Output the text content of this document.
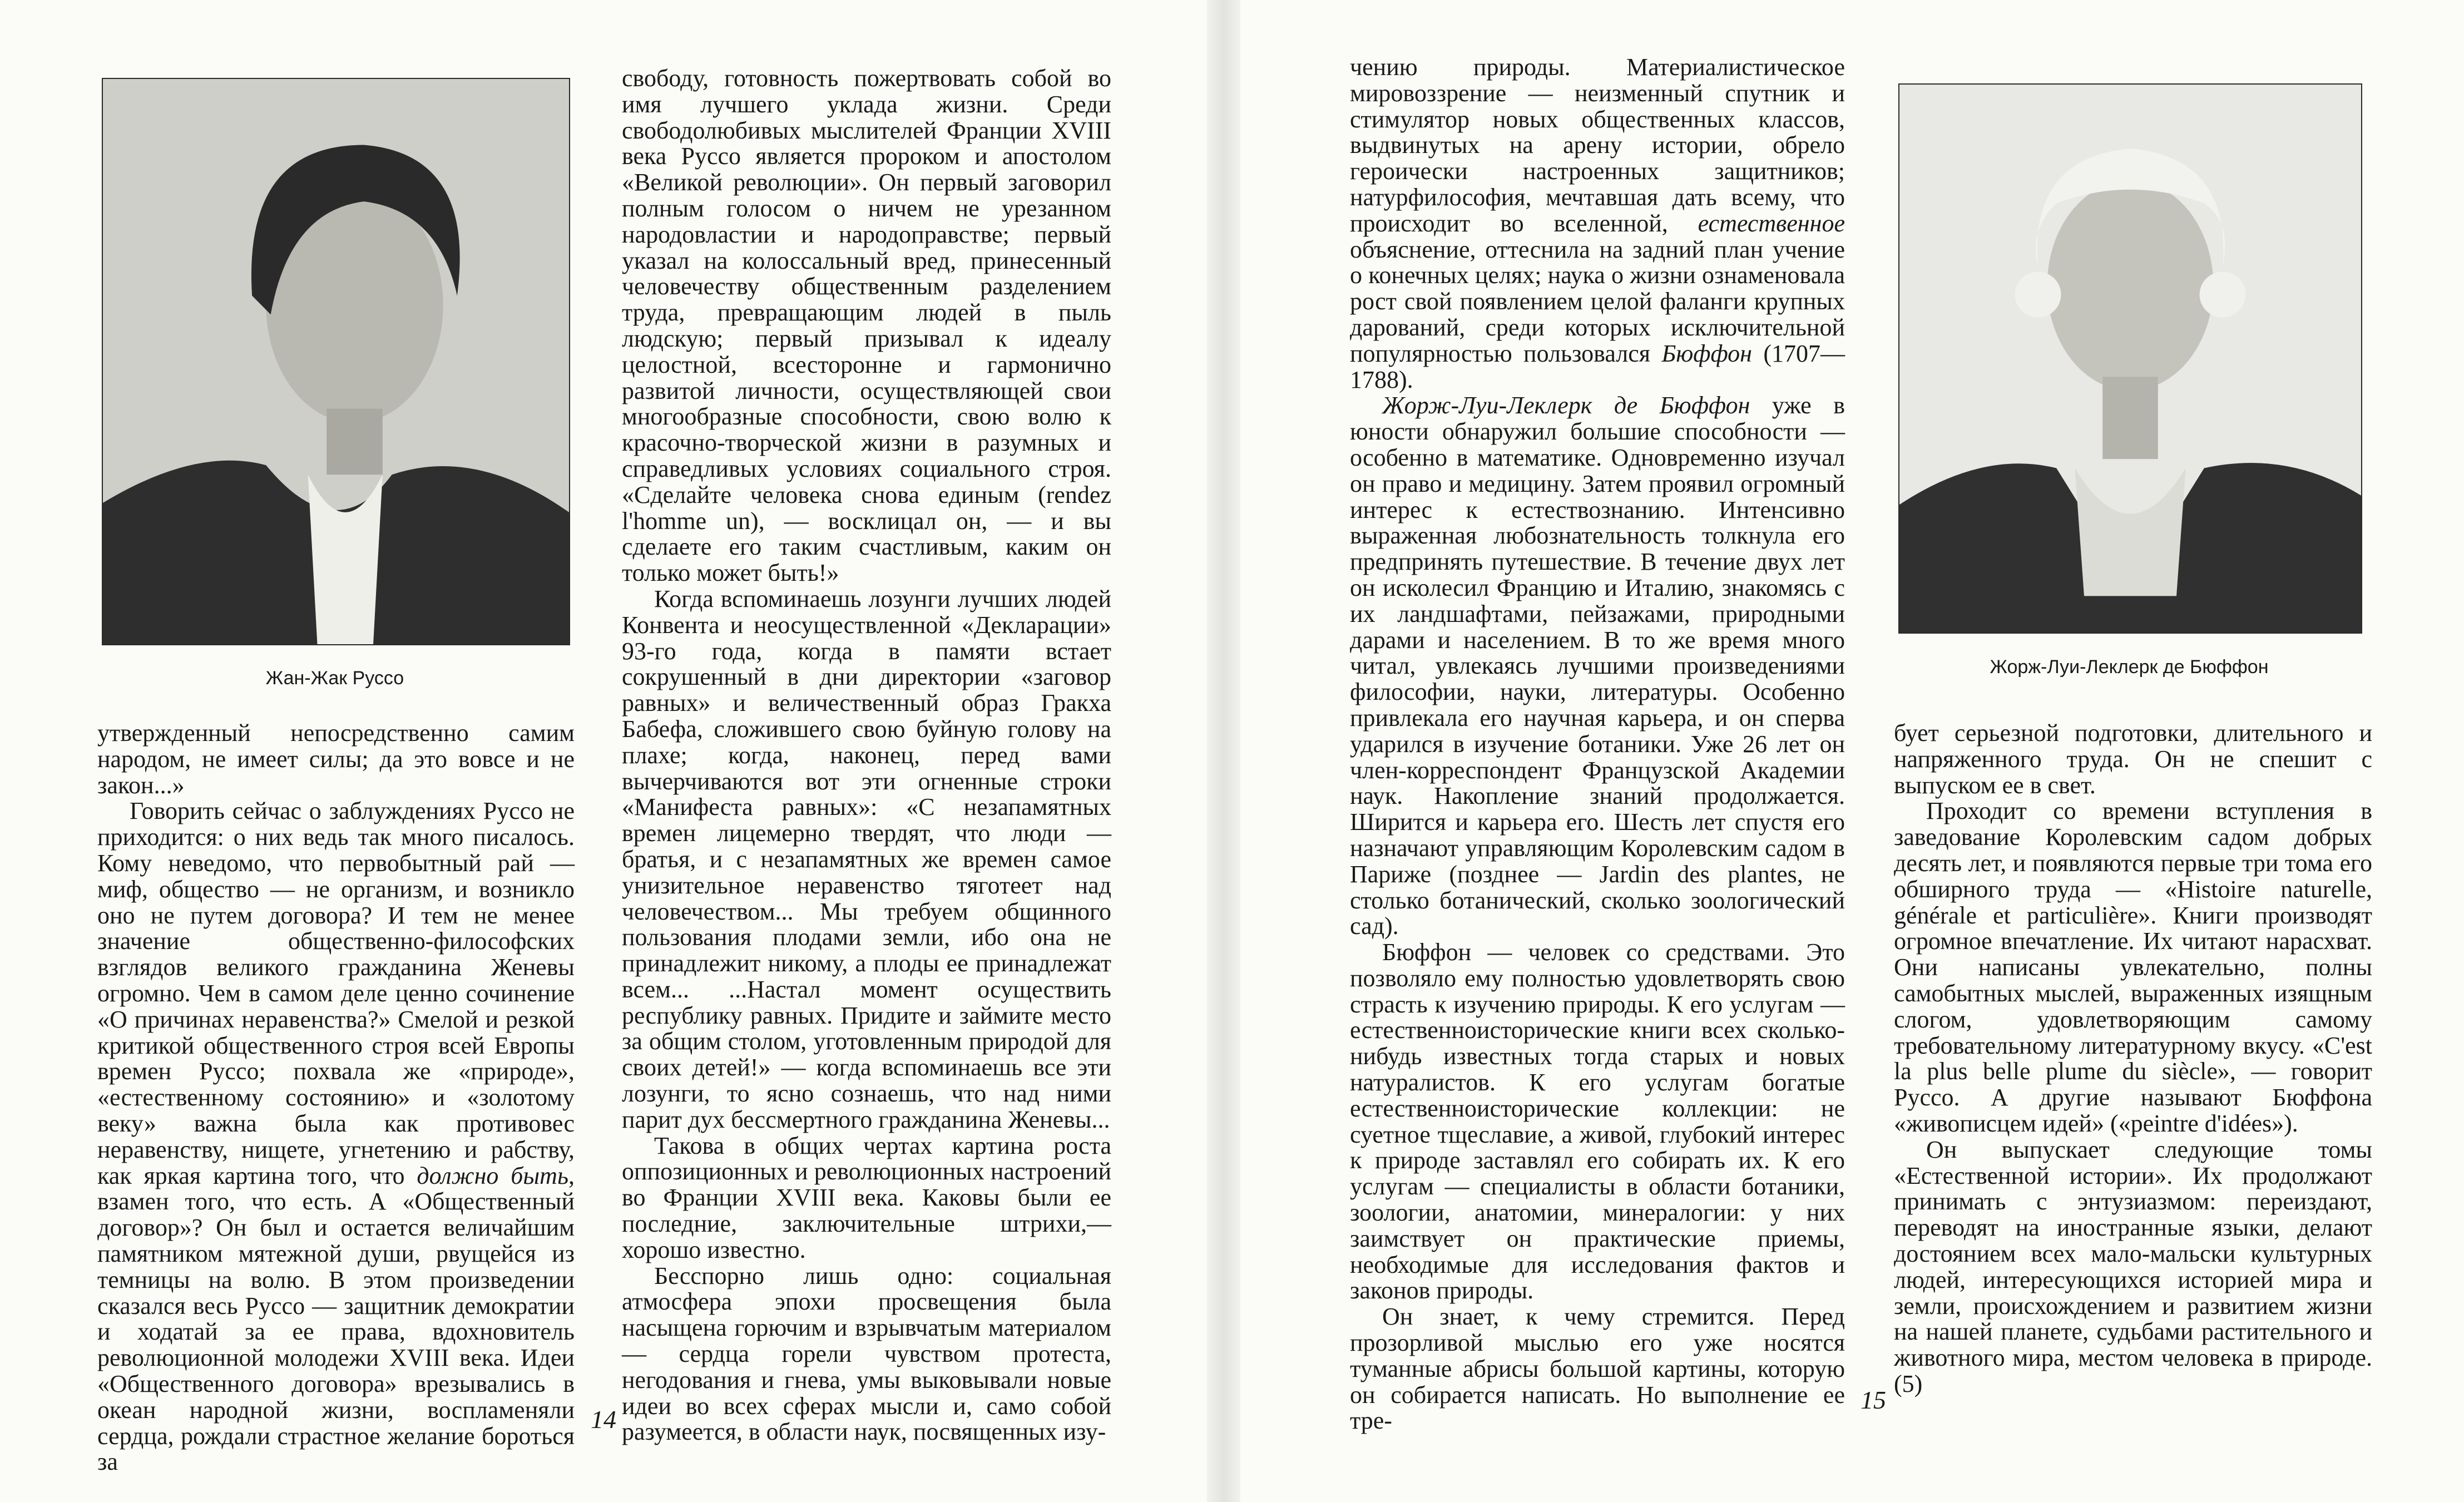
Жан-Жак Руссо

утвержденный непосредственно самим народом, не имеет силы; да это вовсе и не закон...»

Говорить сейчас о заблуждениях Руссо не приходится: о них ведь так много писалось. Кому неведомо, что первобытный рай — миф, общество — не организм, и возникло оно не путем договора? И тем не менее значение общественно-философских взглядов великого гражданина Женевы огромно. Чем в самом деле ценно сочинение «О причинах неравенства?» Смелой и резкой критикой общественного строя всей Европы времен Руссо; похвала же «природе», «естественному состоянию» и «золотому веку» важна была как противовес неравенству, нищете, угнетению и рабству, как яркая картина того, что должно быть, взамен того, что есть. А «Общественный договор»? Он был и остается величайшим памятником мятежной души, рвущейся из темницы на волю. В этом произведении сказался весь Руссо — защитник демократии и ходатай за ее права, вдохновитель революционной молодежи XVIII века. Идеи «Общественного договора» врезывались в океан народной жизни, воспламеняли сердца, рождали страстное желание бороться за

свободу, готовность пожертвовать собой во имя лучшего уклада жизни. Среди свободолюбивых мыслителей Франции XVIII века Руссо является пророком и апостолом «Великой революции». Он первый заговорил полным голосом о ничем не урезанном народовластии и народоправстве; первый указал на колоссальный вред, принесенный человечеству общественным разделением труда, превращающим людей в пыль людскую; первый призывал к идеалу целостной, всесторонне и гармонично развитой личности, осуществляющей свои многообразные способности, свою волю к красочно-творческой жизни в разумных и справедливых условиях социального строя. «Сделайте человека снова единым (rendez l'homme un), — восклицал он, — и вы сделаете его таким счастливым, каким он только может быть!»

Когда вспоминаешь лозунги лучших людей Конвента и неосуществленной «Декларации» 93-го года, когда в памяти встает сокрушенный в дни директории «заговор равных» и величественный образ Гракха Бабефа, сложившего свою буйную голову на плахе; когда, наконец, перед вами вычерчиваются вот эти огненные строки «Манифеста равных»: «С незапамятных времен лицемерно твердят, что люди — братья, и с незапамятных же времен самое унизительное неравенство тяготеет над человечеством... Мы требуем общинного пользования плодами земли, ибо она не принадлежит никому, а плоды ее принадлежат всем... ...Настал момент осуществить республику равных. Придите и займите место за общим столом, уготовленным природой для своих детей!» — когда вспоминаешь все эти лозунги, то ясно сознаешь, что над ними парит дух бессмертного гражданина Женевы...

Такова в общих чертах картина роста оппозиционных и революционных настроений во Франции XVIII века. Каковы были ее последние, заключительные штрихи,— хорошо известно.

Бесспорно лишь одно: социальная атмосфера эпохи просвещения была насыщена горючим и взрывчатым материалом — сердца горели чувством протеста, негодования и гнева, умы выковывали новые идеи во всех сферах мысли и, само собой разумеется, в области наук, посвященных изу-

14

чению природы. Материалистическое мировоззрение — неизменный спутник и стимулятор новых общественных классов, выдвинутых на арену истории, обрело героически настроенных защитников; натурфилософия, мечтавшая дать всему, что происходит во вселенной, естественное объяснение, оттеснила на задний план учение о конечных целях; наука о жизни ознаменовала рост свой появлением целой фаланги крупных дарований, среди которых исключительной популярностью пользовался Бюффон (1707—1788).

Жорж-Луи-Леклерк де Бюффон уже в юности обнаружил большие способности — особенно в математике. Одновременно изучал он право и медицину. Затем проявил огромный интерес к естествознанию. Интенсивно выраженная любознательность толкнула его предпринять путешествие. В течение двух лет он исколесил Францию и Италию, знакомясь с их ландшафтами, пейзажами, природными дарами и населением. В то же время много читал, увлекаясь лучшими произведениями философии, науки, литературы. Особенно привлекала его научная карьера, и он сперва ударился в изучение ботаники. Уже 26 лет он член-корреспондент Французской Академии наук. Накопление знаний продолжается. Ширится и карьера его. Шесть лет спустя его назначают управляющим Королевским садом в Париже (позднее — Jardin des plantes, не столько ботанический, сколько зоологический сад).

Бюффон — человек со средствами. Это позволяло ему полностью удовлетворять свою страсть к изучению природы. К его услугам — естественноисторические книги всех сколько-нибудь известных тогда старых и новых натуралистов. К его услугам богатые естественноисторические коллекции: не суетное тщеславие, а живой, глубокий интерес к природе заставлял его собирать их. К его услугам — специалисты в области ботаники, зоологии, анатомии, минералогии: у них заимствует он практические приемы, необходимые для исследования фактов и законов природы.

Он знает, к чему стремится. Перед прозорливой мыслью его уже носятся туманные абрисы большой картины, которую он собирается написать. Но выполнение ее тре-

Жорж-Луи-Леклерк де Бюффон

бует серьезной подготовки, длительного и напряженного труда. Он не спешит с выпуском ее в свет.

Проходит со времени вступления в заведование Королевским садом добрых десять лет, и появляются первые три тома его обширного труда — «Histoire naturelle, générale et particulière». Книги производят огромное впечатление. Их читают нарасхват. Они написаны увлекательно, полны самобытных мыслей, выраженных изящным слогом, удовлетворяющим самому требовательному литературному вкусу. «C'est la plus belle plume du siècle», — говорит Руссо. А другие называют Бюффона «живописцем идей» («peintre d'idées»).

Он выпускает следующие томы «Естественной истории». Их продолжают принимать с энтузиазмом: переиздают, переводят на иностранные языки, делают достоянием всех мало-мальски культурных людей, интересующихся историей мира и земли, происхождением и развитием жизни на нашей планете, судьбами растительного и животного мира, местом человека в природе. (5)

15
